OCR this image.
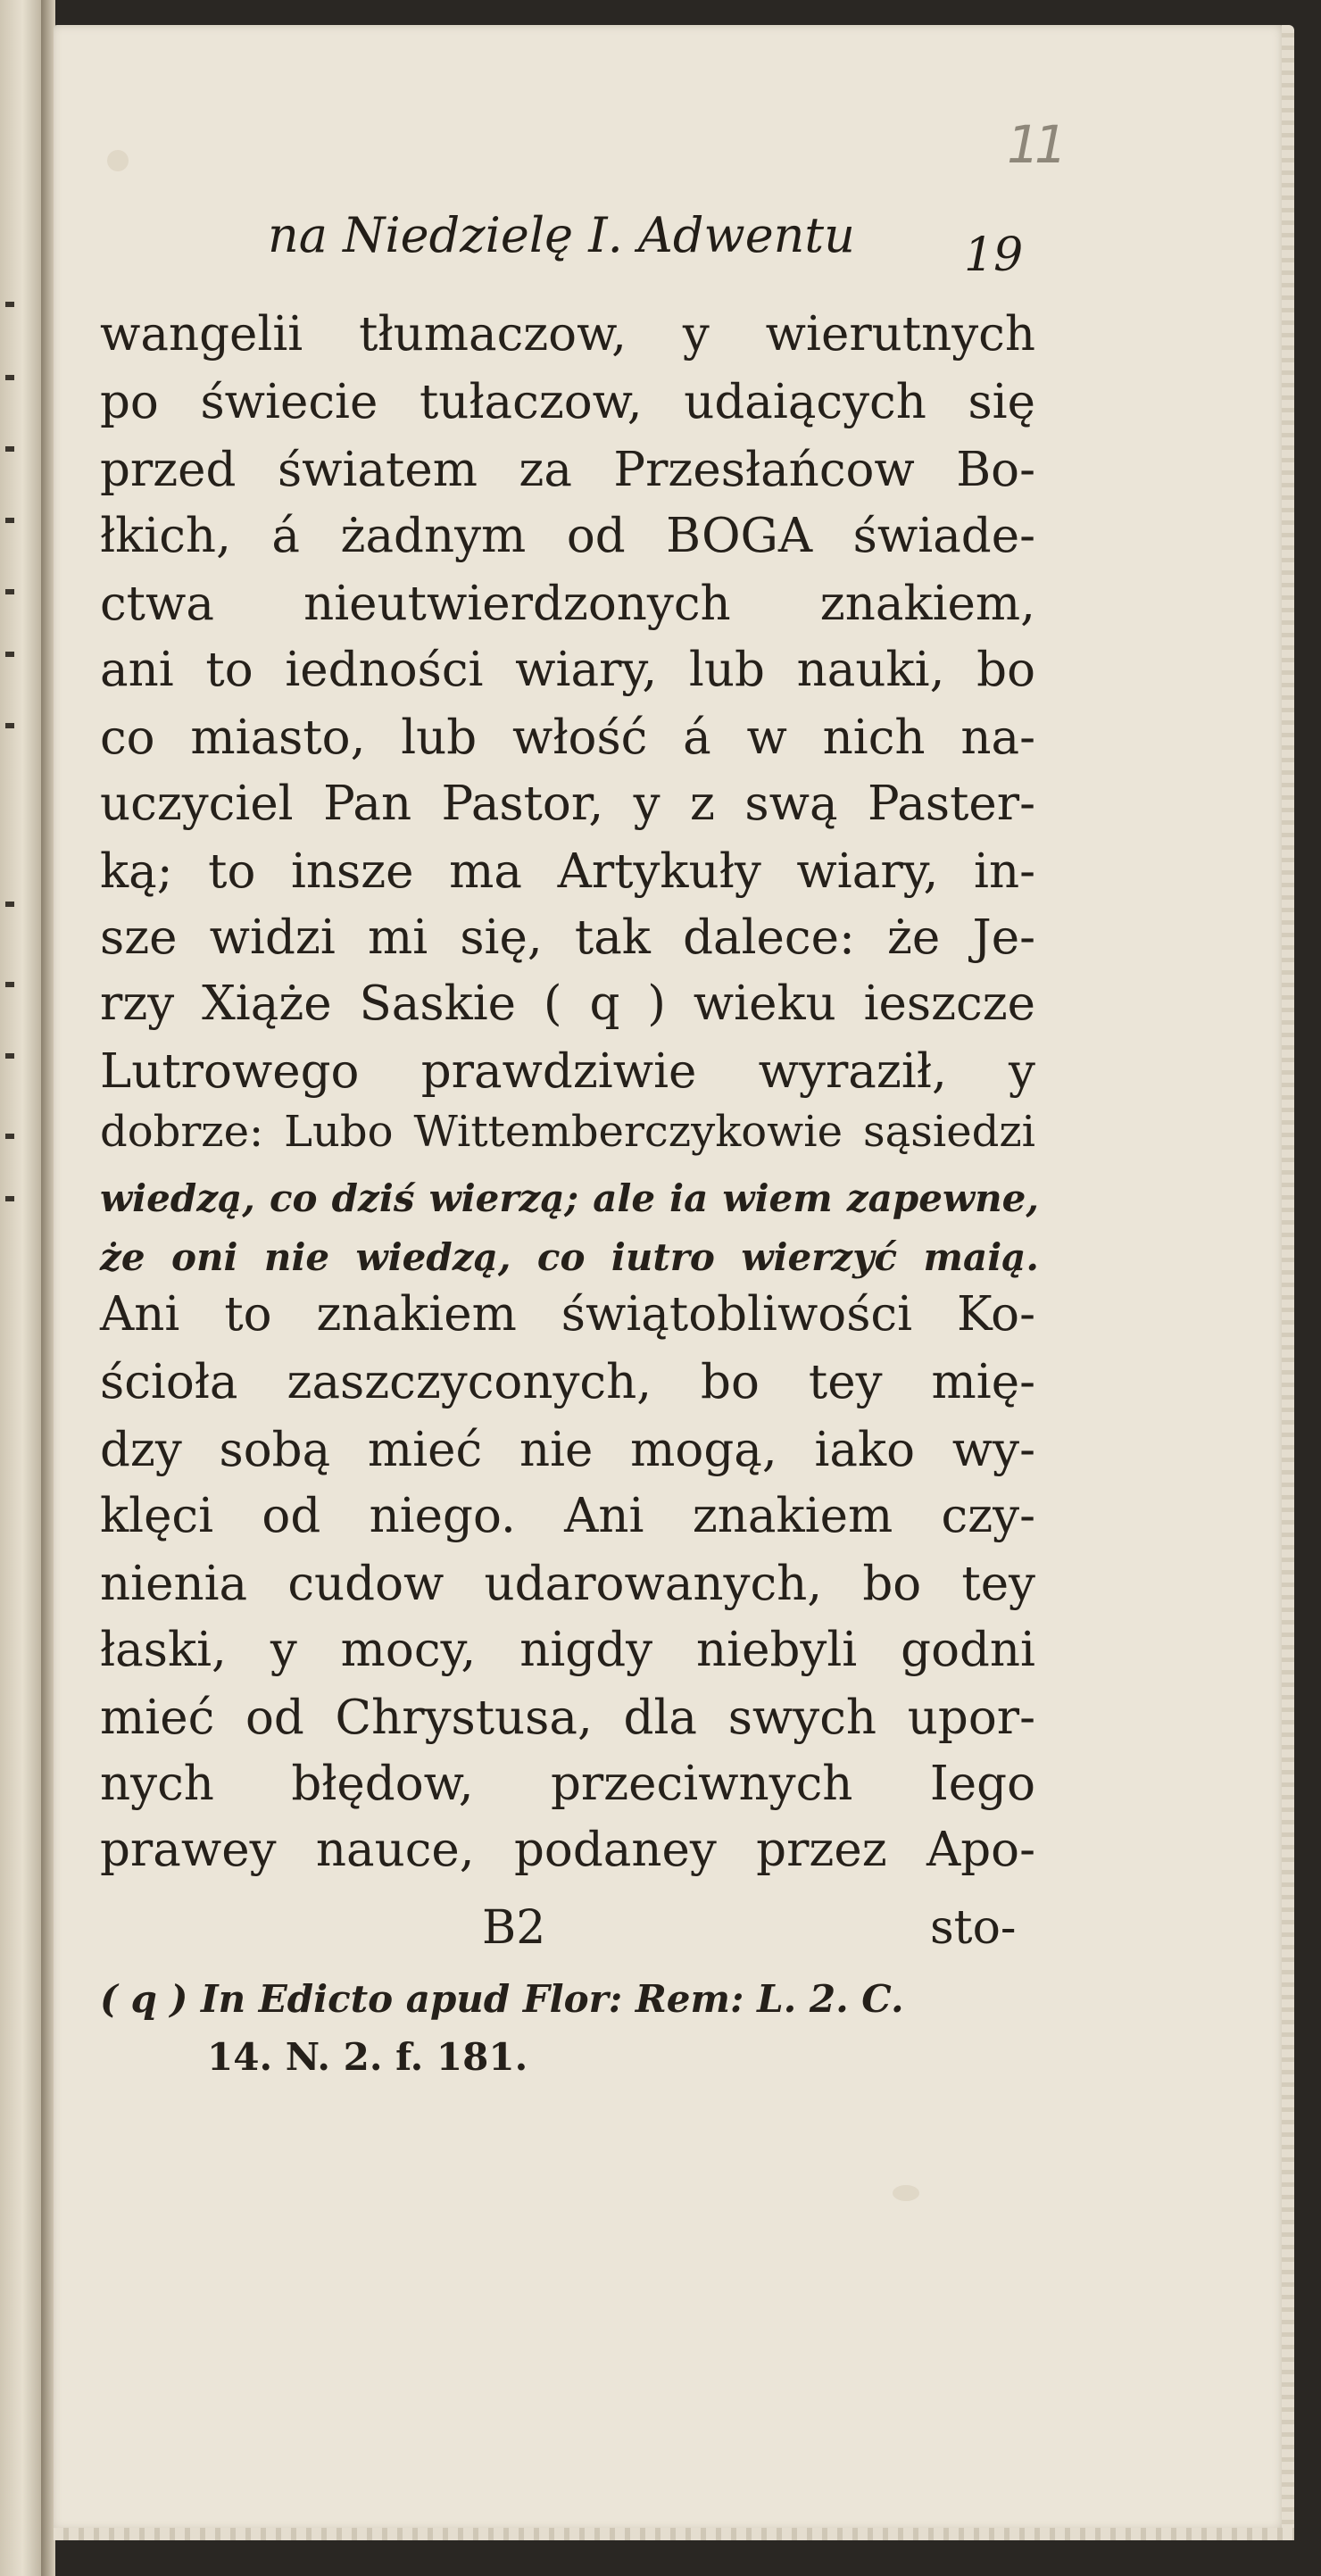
11
na Niedzielę I. Adwentu 19
wangelii tłumaczow, y wierutnych
po świecie tułaczow, udaiących się
przed światem za Przesłańcow Bo-
łkich, á żadnym od BOGA świade-
ctwa nieutwierdzonych znakiem,
ani to iedności wiary, lub nauki, bo
co miasto, lub włość á w nich na-
uczyciel Pan Pastor, y z swą Paster-
ką; to insze ma Artykuły wiary, in-
sze widzi mi się, tak dalece: że Je-
rzy Xiąże Saskie ( q ) wieku ieszcze
Lutrowego prawdziwie wyraził, y
dobrze: Lubo Wittemberczykowie sąsiedzi
wiedzą, co dziś wierzą; ale ia wiem zapewne,
że oni nie wiedzą, co iutro wierzyć maią.
Ani to znakiem świątobliwości Ko-
ścioła zaszczyconych, bo tey mię-
dzy sobą mieć nie mogą, iako wy-
klęci od niego. Ani znakiem czy-
nienia cudow udarowanych, bo tey
łaski, y mocy, nigdy niebyli godni
mieć od Chrystusa, dla swych upor-
nych błędow, przeciwnych Iego
prawey nauce, podaney przez Apo-
B2	sto-
( q ) In Edicto apud Flor: Rem: L. 2. C.
14. N. 2. f. 181.
